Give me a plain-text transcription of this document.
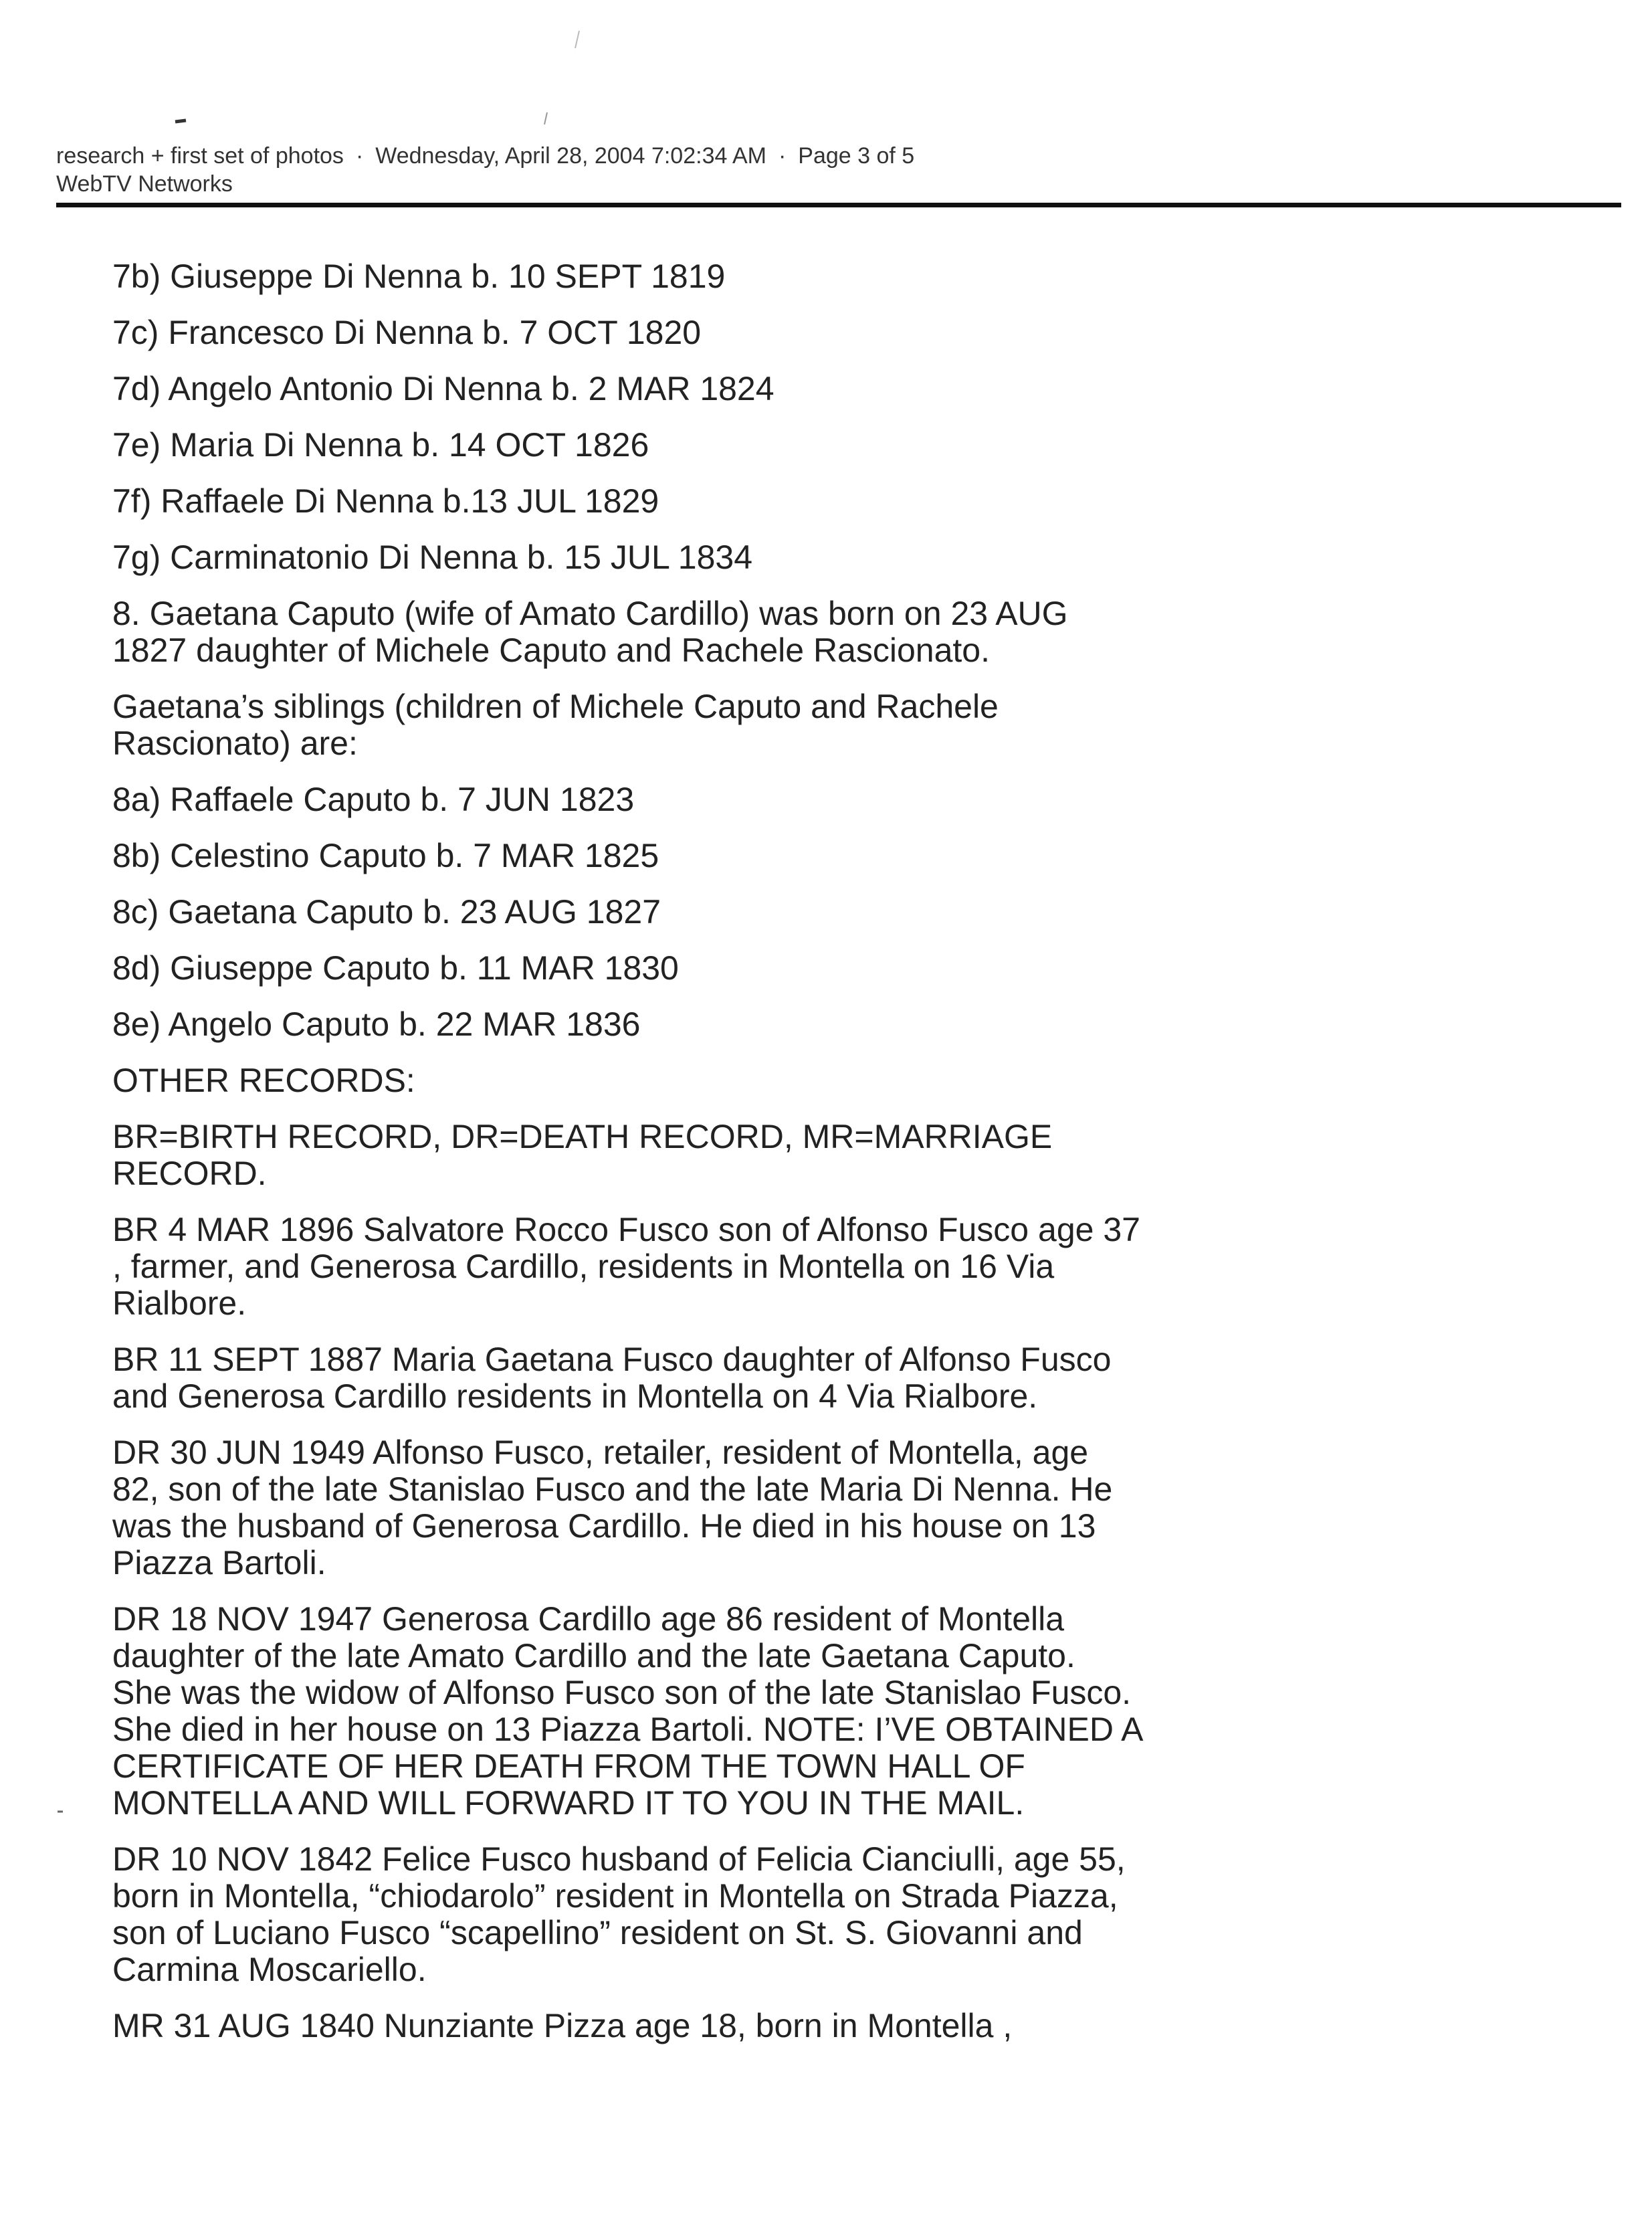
research + first set of photos · Wednesday, April 28, 2004 7:02:34 AM · Page 3 of 5
WebTV Networks
7b) Giuseppe Di Nenna b. 10 SEPT 1819
7c) Francesco Di Nenna b. 7 OCT 1820
7d) Angelo Antonio Di Nenna b. 2 MAR 1824
7e) Maria Di Nenna b. 14 OCT 1826
7f) Raffaele Di Nenna b.13 JUL 1829
7g) Carminatonio Di Nenna b. 15 JUL 1834
8. Gaetana Caputo (wife of Amato Cardillo) was born on 23 AUG
1827 daughter of Michele Caputo and Rachele Rascionato.
Gaetana’s siblings (children of Michele Caputo and Rachele
Rascionato) are:
8a) Raffaele Caputo b. 7 JUN 1823
8b) Celestino Caputo b. 7 MAR 1825
8c) Gaetana Caputo b. 23 AUG 1827
8d) Giuseppe Caputo b. 11 MAR 1830
8e) Angelo Caputo b. 22 MAR 1836
OTHER RECORDS:
BR=BIRTH RECORD, DR=DEATH RECORD, MR=MARRIAGE
RECORD.
BR 4 MAR 1896 Salvatore Rocco Fusco son of Alfonso Fusco age 37
, farmer, and Generosa Cardillo, residents in Montella on 16 Via
Rialbore.
BR 11 SEPT 1887 Maria Gaetana Fusco daughter of Alfonso Fusco
and Generosa Cardillo residents in Montella on 4 Via Rialbore.
DR 30 JUN 1949 Alfonso Fusco, retailer, resident of Montella, age
82, son of the late Stanislao Fusco and the late Maria Di Nenna. He
was the husband of Generosa Cardillo. He died in his house on 13
Piazza Bartoli.
DR 18 NOV 1947 Generosa Cardillo age 86 resident of Montella
daughter of the late Amato Cardillo and the late Gaetana Caputo.
She was the widow of Alfonso Fusco son of the late Stanislao Fusco.
She died in her house on 13 Piazza Bartoli. NOTE: I’VE OBTAINED A
CERTIFICATE OF HER DEATH FROM THE TOWN HALL OF
MONTELLA AND WILL FORWARD IT TO YOU IN THE MAIL.
DR 10 NOV 1842 Felice Fusco husband of Felicia Cianciulli, age 55,
born in Montella, “chiodarolo” resident in Montella on Strada Piazza,
son of Luciano Fusco “scapellino” resident on St. S. Giovanni and
Carmina Moscariello.
MR 31 AUG 1840 Nunziante Pizza age 18, born in Montella ,
